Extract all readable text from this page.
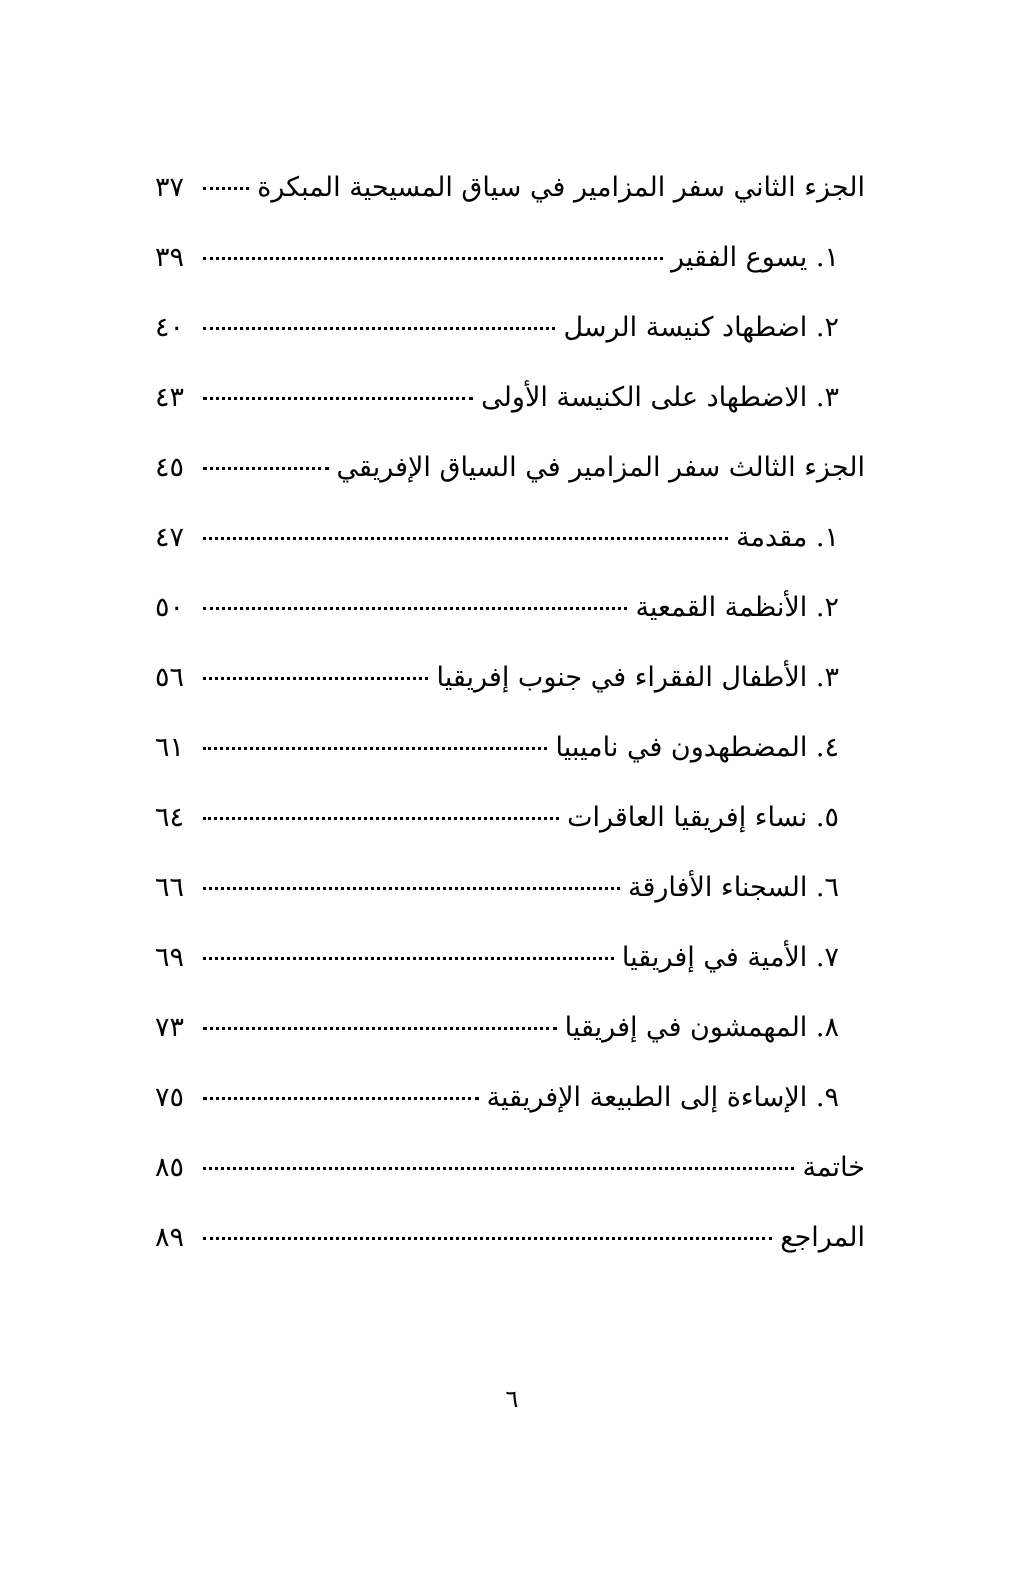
الجزء الثاني سفر المزامير في سياق المسيحية المبكرة
٣٧
١. يسوع الفقير
٣٩
٢. اضطهاد كنيسة الرسل
٤٠
٣. الاضطهاد على الكنيسة الأولى
٤٣
الجزء الثالث سفر المزامير في السياق الإفريقي
٤٥
١. مقدمة
٤٧
٢. الأنظمة القمعية
٥٠
٣. الأطفال الفقراء في جنوب إفريقيا
٥٦
٤. المضطهدون في ناميبيا
٦١
٥. نساء إفريقيا العاقرات
٦٤
٦. السجناء الأفارقة
٦٦
٧. الأمية في إفريقيا
٦٩
٨. المهمشون في إفريقيا
٧٣
٩. الإساءة إلى الطبيعة الإفريقية
٧٥
خاتمة
٨٥
المراجع
٨٩
٦
